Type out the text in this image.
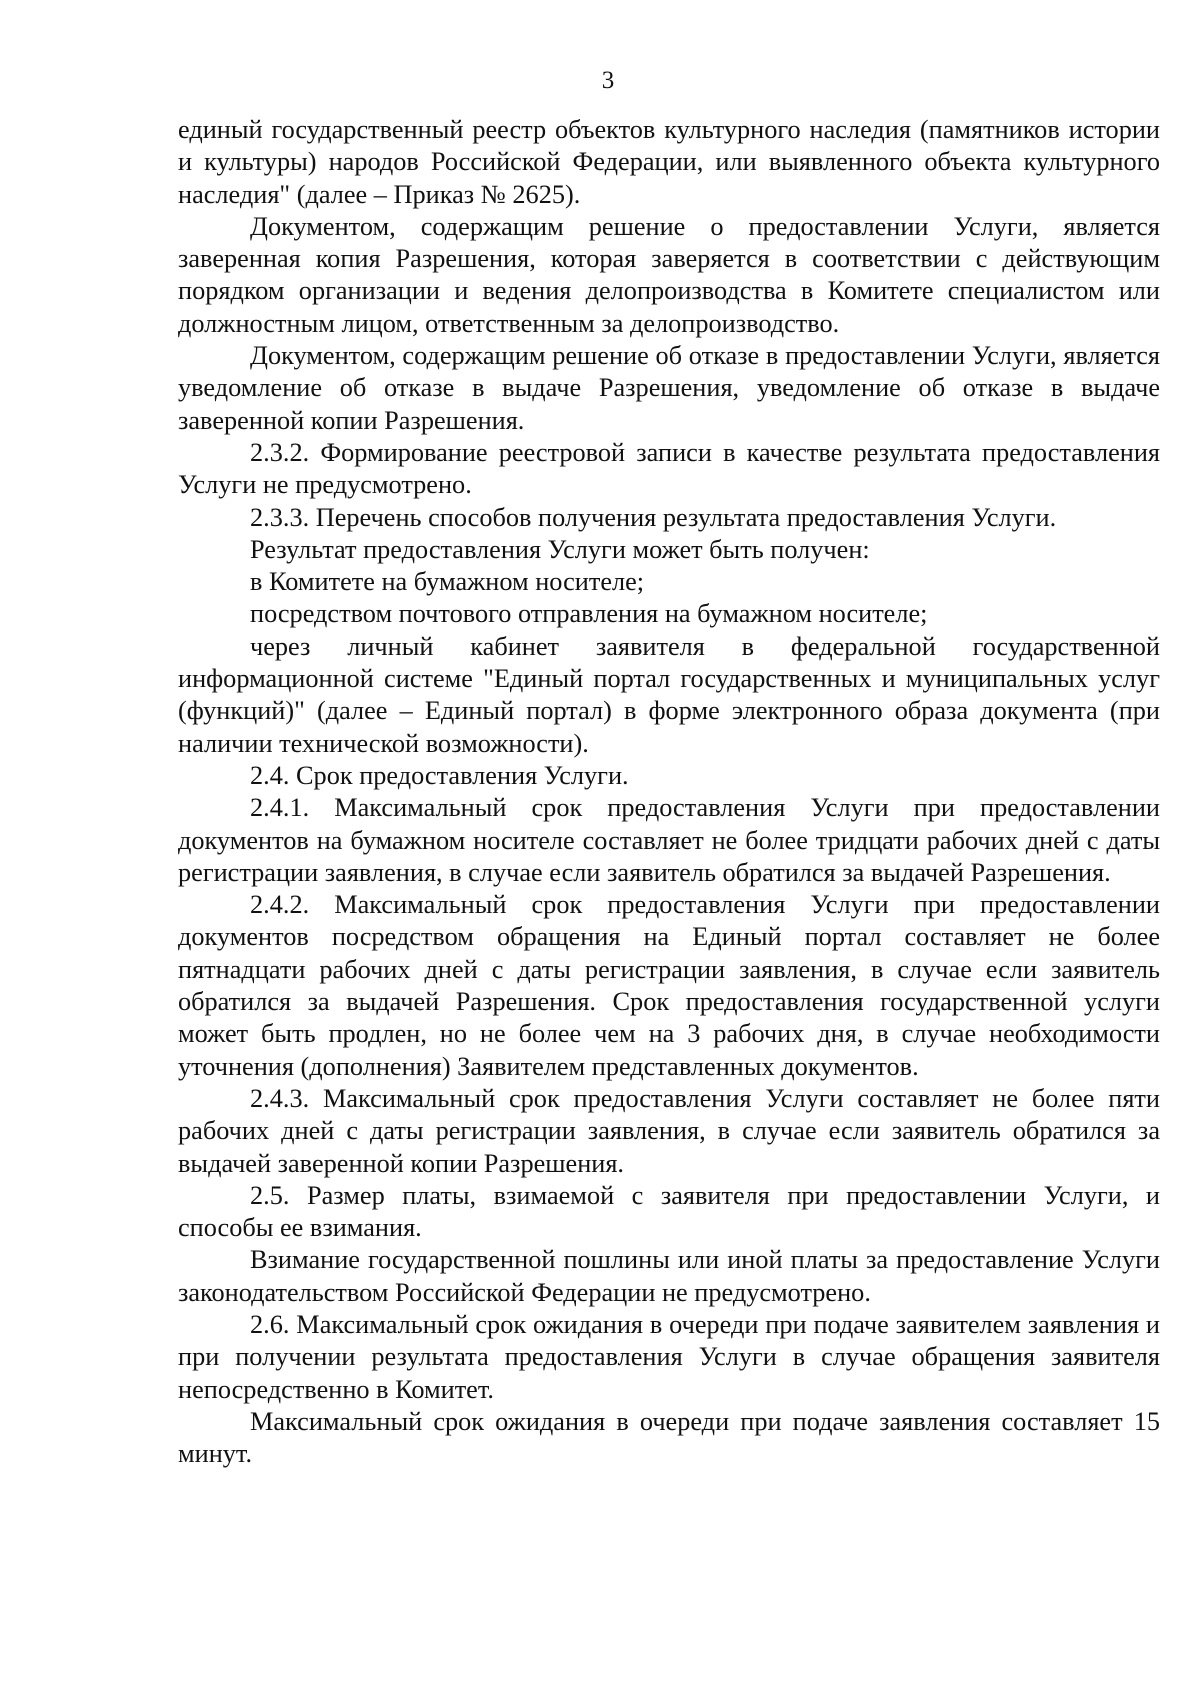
3

единый государственный реестр объектов культурного наследия (памятников истории и культуры) народов Российской Федерации, или выявленного объекта культурного наследия" (далее – Приказ № 2625).

Документом, содержащим решение о предоставлении Услуги, является заверенная копия Разрешения, которая заверяется в соответствии с действующим порядком организации и ведения делопроизводства в Комитете специалистом или должностным лицом, ответственным за делопроизводство.

Документом, содержащим решение об отказе в предоставлении Услуги, является уведомление об отказе в выдаче Разрешения, уведомление об отказе в выдаче заверенной копии Разрешения.

2.3.2. Формирование реестровой записи в качестве результата предоставления Услуги не предусмотрено.

2.3.3. Перечень способов получения результата предоставления Услуги.

Результат предоставления Услуги может быть получен:

в Комитете на бумажном носителе;

посредством почтового отправления на бумажном носителе;

через личный кабинет заявителя в федеральной государственной информационной системе "Единый портал государственных и муниципальных услуг (функций)" (далее – Единый портал) в форме электронного образа документа (при наличии технической возможности).

2.4. Срок предоставления Услуги.

2.4.1. Максимальный срок предоставления Услуги при предоставлении документов на бумажном носителе составляет не более тридцати рабочих дней с даты регистрации заявления, в случае если заявитель обратился за выдачей Разрешения.

2.4.2. Максимальный срок предоставления Услуги при предоставлении документов посредством обращения на Единый портал составляет не более пятнадцати рабочих дней с даты регистрации заявления, в случае если заявитель обратился за выдачей Разрешения. Срок предоставления государственной услуги может быть продлен, но не более чем на 3 рабочих дня, в случае необходимости уточнения (дополнения) Заявителем представленных документов.

2.4.3. Максимальный срок предоставления Услуги составляет не более пяти рабочих дней с даты регистрации заявления, в случае если заявитель обратился за выдачей заверенной копии Разрешения.

2.5. Размер платы, взимаемой с заявителя при предоставлении Услуги, и способы ее взимания.

Взимание государственной пошлины или иной платы за предоставление Услуги законодательством Российской Федерации не предусмотрено.

2.6. Максимальный срок ожидания в очереди при подаче заявителем заявления и при получении результата предоставления Услуги в случае обращения заявителя непосредственно в Комитет.

Максимальный срок ожидания в очереди при подаче заявления составляет 15 минут.
